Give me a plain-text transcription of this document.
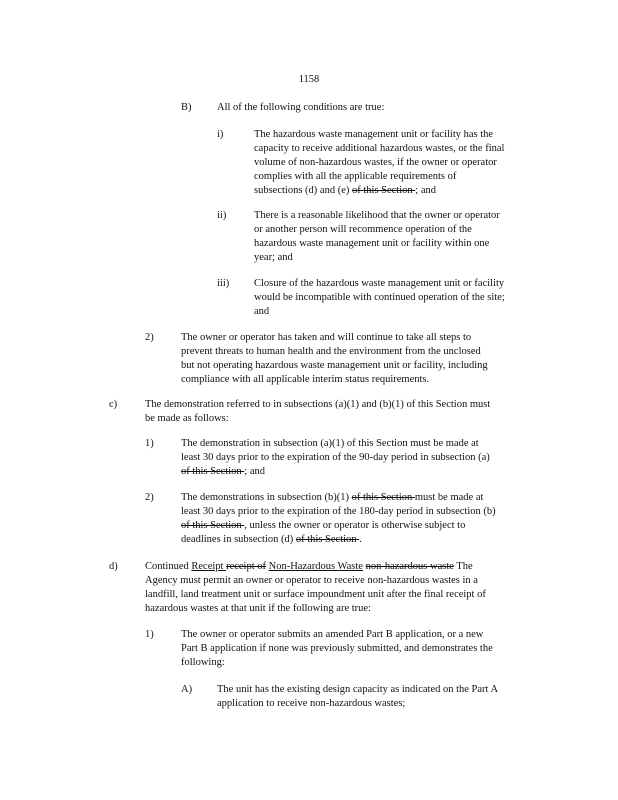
1158
B) All of the following conditions are true:
i)	The hazardous waste management unit or facility has the
capacity to receive additional hazardous wastes, or the final
volume of non-hazardous wastes, if the owner or operator
complies with all the applicable requirements of
subsections (d) and (e) of this Section ; and
ii)	There is a reasonable likelihood that the owner or operator
or another person will recommence operation of the
hazardous waste management unit or facility within one
year; and
iii) Closure of the hazardous waste management unit or facility
would be incompatible with continued operation of the site;
and
2)	The owner or operator has taken and will continue to take all steps to
prevent threats to human health and the environment from the unclosed
but not operating hazardous waste management unit or facility, including
compliance with all applicable interim status requirements.
c)	The demonstration referred to in subsections (a)(1) and (b)(1) of this Section must
be made as follows:
1)	The demonstration in subsection (a)(1) of this Section must be made at
least 30 days prior to the expiration of the 90-day period in subsection (a)
of this Section ; and
2)	The demonstrations in subsection (b)(1) of this Section must be made at
least 30 days prior to the expiration of the 180-day period in subsection (b)
of this Section , unless the owner or operator is otherwise subject to
deadlines in subsection (d) of this Section .
d)	Continued Receipt receipt of Non-Hazardous Waste non-hazardous waste The
Agency must permit an owner or operator to receive non-hazardous wastes in a
landfill, land treatment unit or surface impoundment unit after the final receipt of
hazardous wastes at that unit if the following are true:
1)	The owner or operator submits an amended Part B application, or a new
Part B application if none was previously submitted, and demonstrates the
following:
A) The unit has the existing design capacity as indicated on the Part A
application to receive non-hazardous wastes;
